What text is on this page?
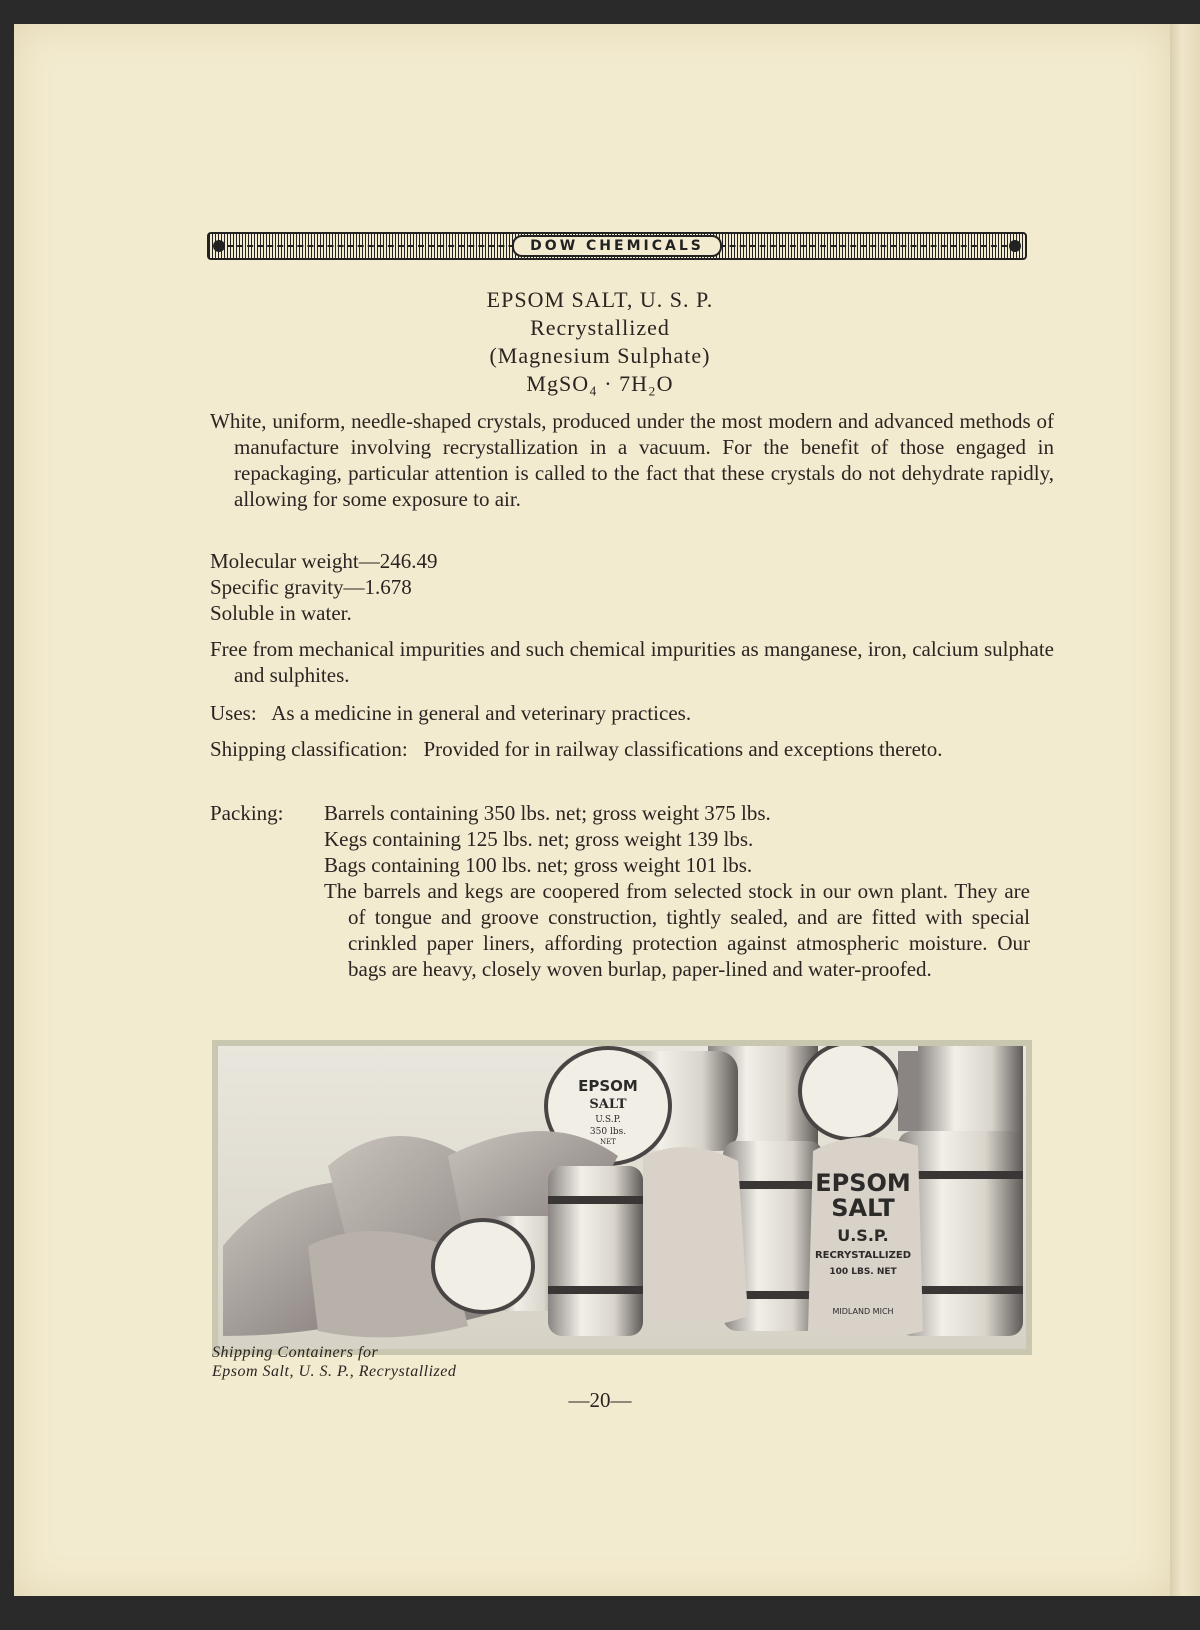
DOW CHEMICALS
EPSOM SALT, U. S. P.
Recrystallized
(Magnesium Sulphate)
MgSO₄ · 7H₂O
White, uniform, needle-shaped crystals, produced under the most modern and advanced methods of manufacture involving recrystallization in a vacuum. For the benefit of those engaged in repackaging, particular attention is called to the fact that these crystals do not dehydrate rapidly, allowing for some exposure to air.
Molecular weight—246.49
Specific gravity—1.678
Soluble in water.
Free from mechanical impurities and such chemical impurities as manganese, iron, calcium sulphate and sulphites.
Uses: As a medicine in general and veterinary practices.
Shipping classification: Provided for in railway classifications and exceptions thereto.
Packing: Barrels containing 350 lbs. net; gross weight 375 lbs.
Kegs containing 125 lbs. net; gross weight 139 lbs.
Bags containing 100 lbs. net; gross weight 101 lbs.
The barrels and kegs are coopered from selected stock in our own plant. They are of tongue and groove construction, tightly sealed, and are fitted with special crinkled paper liners, affording protection against atmospheric moisture. Our bags are heavy, closely woven burlap, paper-lined and water-proofed.
EPSOM
SALT
U.S.P.
350 lbs.
NET
EPSOM
SALT
U.S.P.
RECRYSTALLIZED
100 LBS. NET
MIDLAND MICH
Shipping Containers for
Epsom Salt, U. S. P., Recrystallized
—20—
